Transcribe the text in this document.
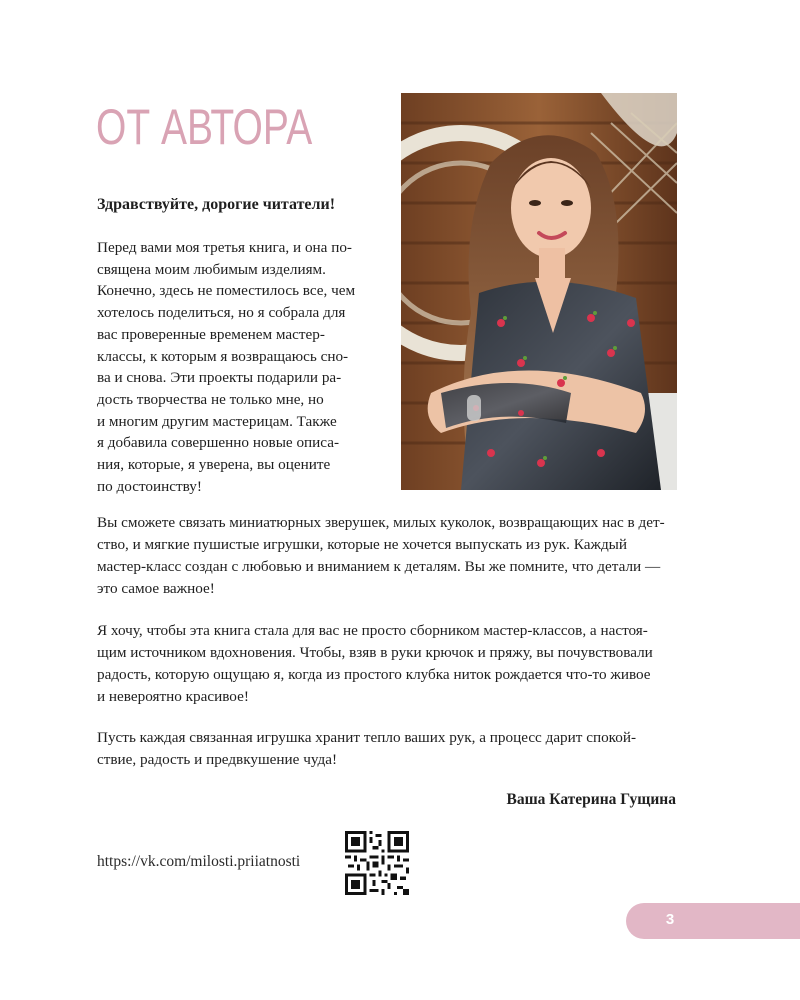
ОТ АВТОРА
Здравствуйте, дорогие читатели!
Перед вами моя третья книга, и она по-
священа моим любимым изделиям.
Конечно, здесь не поместилось все, чем
хотелось поделиться, но я собрала для
вас проверенные временем мастер-
классы, к которым я возвращаюсь сно-
ва и снова. Эти проекты подарили ра-
дость творчества не только мне, но
и многим другим мастерицам. Также
я добавила совершенно новые описа-
ния, которые, я уверена, вы оцените
по достоинству!
Вы сможете связать миниатюрных зверушек, милых куколок, возвращающих нас в дет-
ство, и мягкие пушистые игрушки, которые не хочется выпускать из рук. Каждый
мастер-класс создан с любовью и вниманием к деталям. Вы же помните, что детали —
это самое важное!
Я хочу, чтобы эта книга стала для вас не просто сборником мастер-классов, а настоя-
щим источником вдохновения. Чтобы, взяв в руки крючок и пряжу, вы почувствовали
радость, которую ощущаю я, когда из простого клубка ниток рождается что-то живое
и невероятно красивое!
Пусть каждая связанная игрушка хранит тепло ваших рук, а процесс дарит спокой-
ствие, радость и предвкушение чуда!
Ваша Катерина Гущина
https://vk.com/milosti.priiatnosti
3
